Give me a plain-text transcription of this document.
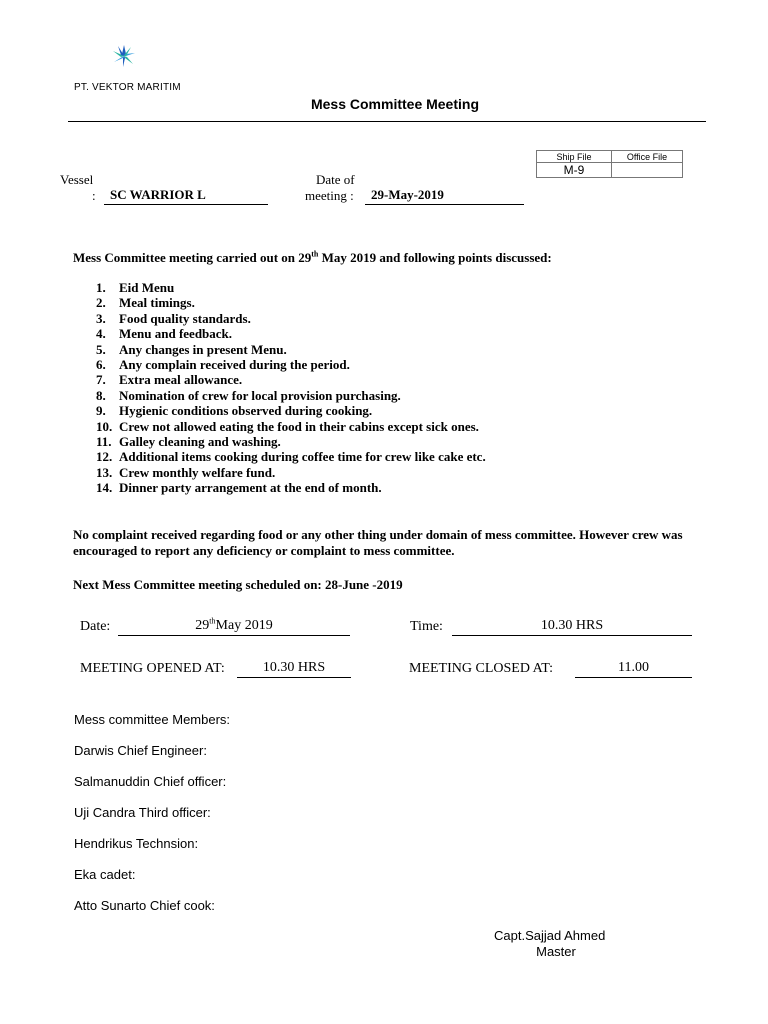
PT. VEKTOR MARITIM
Mess Committee Meeting
Ship File	Office File
M-9	
Vessel
:	SC WARRIOR L
Date of
meeting :	29-May-2019
Mess Committee meeting carried out on 29th May 2019 and following points discussed:
1. Eid Menu
2. Meal timings.
3. Food quality standards.
4. Menu and feedback.
5. Any changes in present Menu.
6. Any complain received during the period.
7. Extra meal allowance.
8. Nomination of crew for local provision purchasing.
9. Hygienic conditions observed during cooking.
10. Crew not allowed eating the food in their cabins except sick ones.
11. Galley cleaning and washing.
12. Additional items cooking during coffee time for crew like cake etc.
13. Crew monthly welfare fund.
14. Dinner party arrangement at the end of month.
No complaint received regarding food or any other thing under domain of mess committee. However crew was encouraged to report any deficiency or complaint to mess committee.
Next Mess Committee meeting scheduled on: 28-June -2019
Date:	29thMay 2019	Time:	10.30 HRS
MEETING OPENED AT:	10.30 HRS	MEETING CLOSED AT:	11.00
Mess committee Members:
Darwis Chief Engineer:
Salmanuddin Chief officer:
Uji Candra Third officer:
Hendrikus Technsion:
Eka cadet:
Atto Sunarto Chief cook:
Capt.Sajjad Ahmed
Master
